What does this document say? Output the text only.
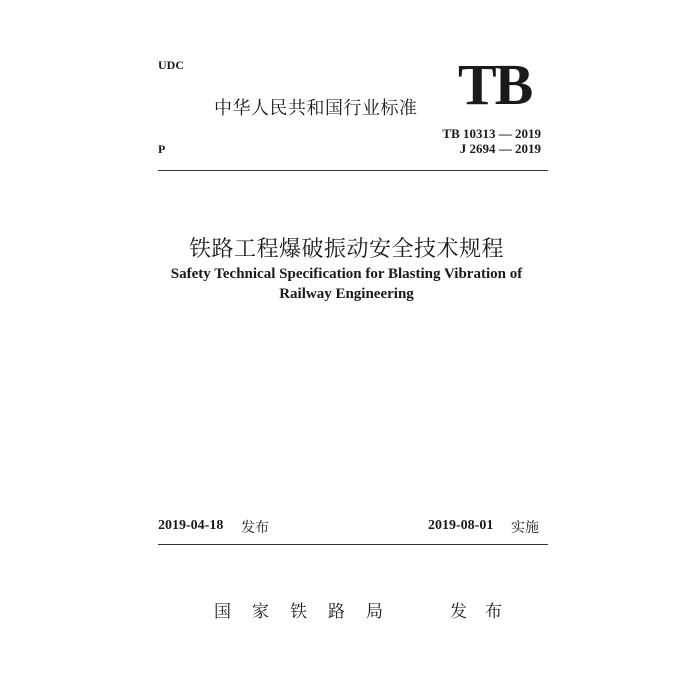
UDC
中华人民共和国行业标准 TB
TB 10313 — 2019
J 2694 — 2019
P
铁路工程爆破振动安全技术规程
Safety Technical Specification for Blasting Vibration of
Railway Engineering
2019-04-18 发布	2019-08-01 实施
国家铁路局	发布
